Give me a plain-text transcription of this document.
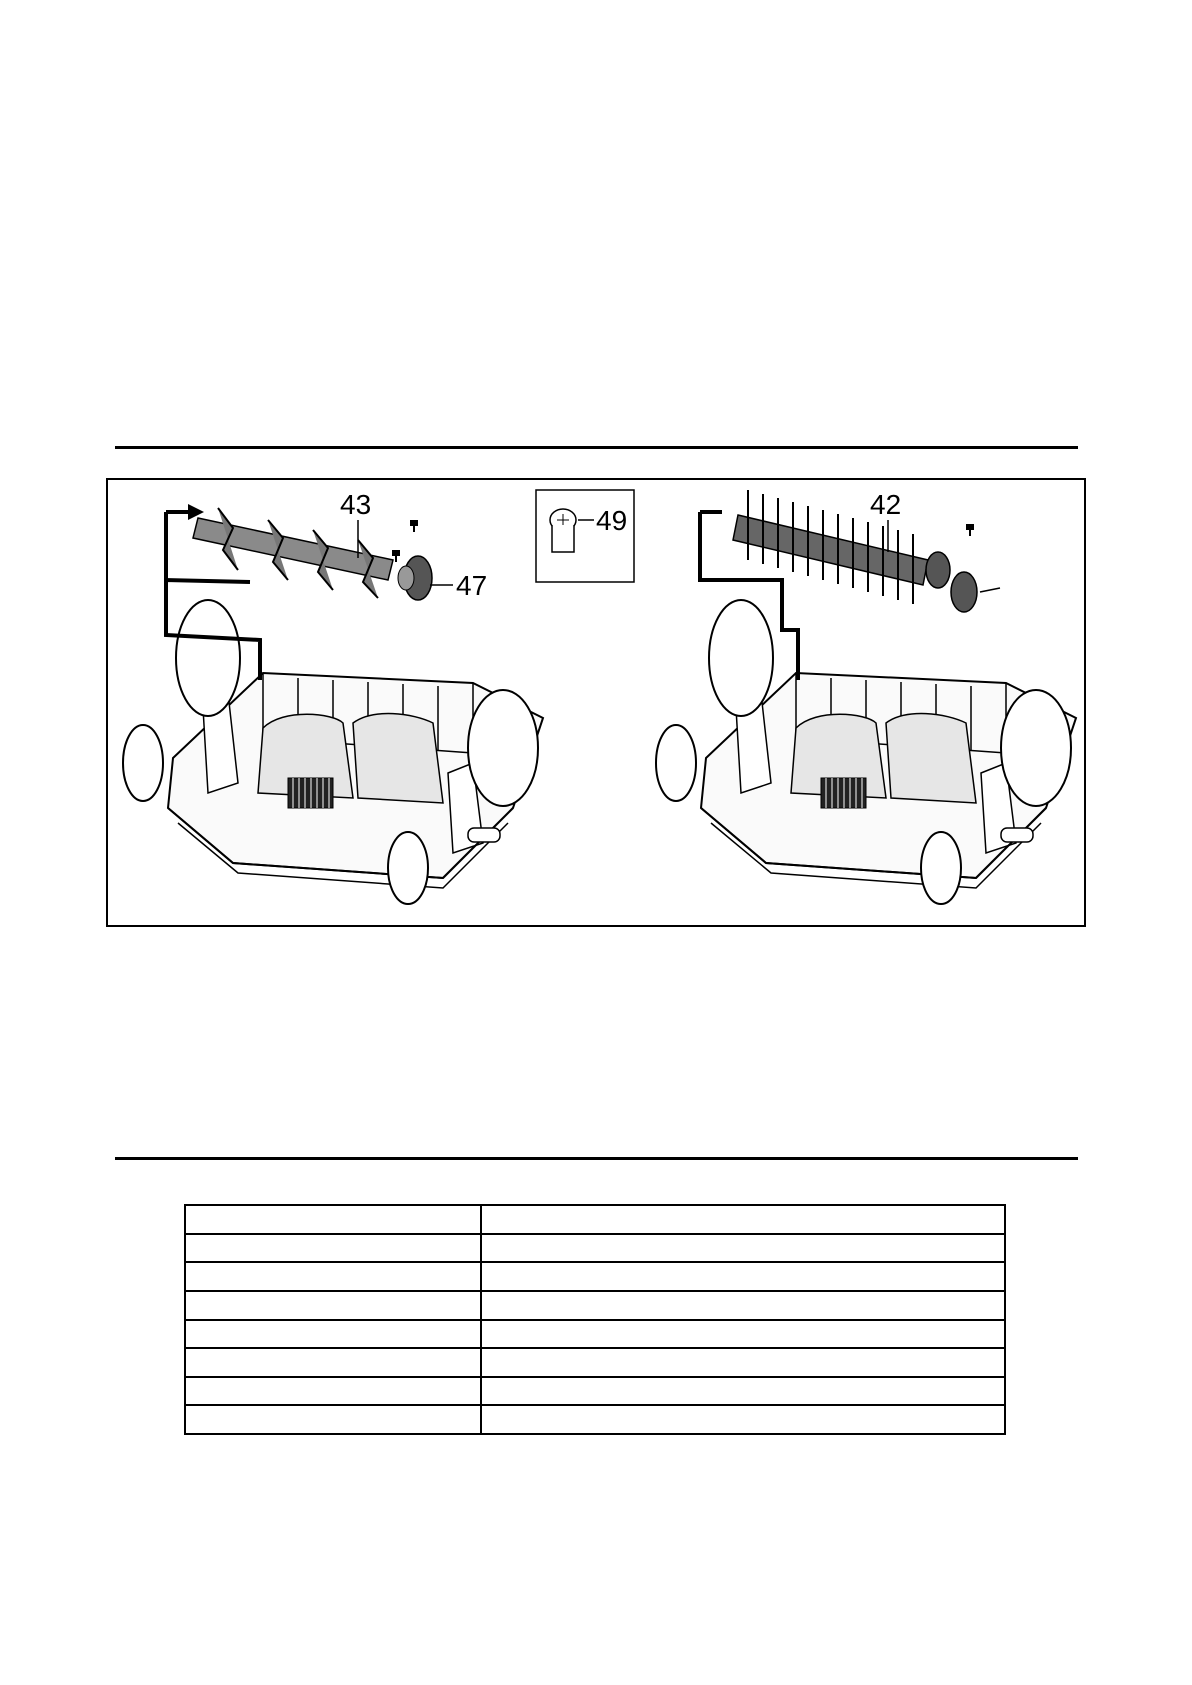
43
47
49
42
